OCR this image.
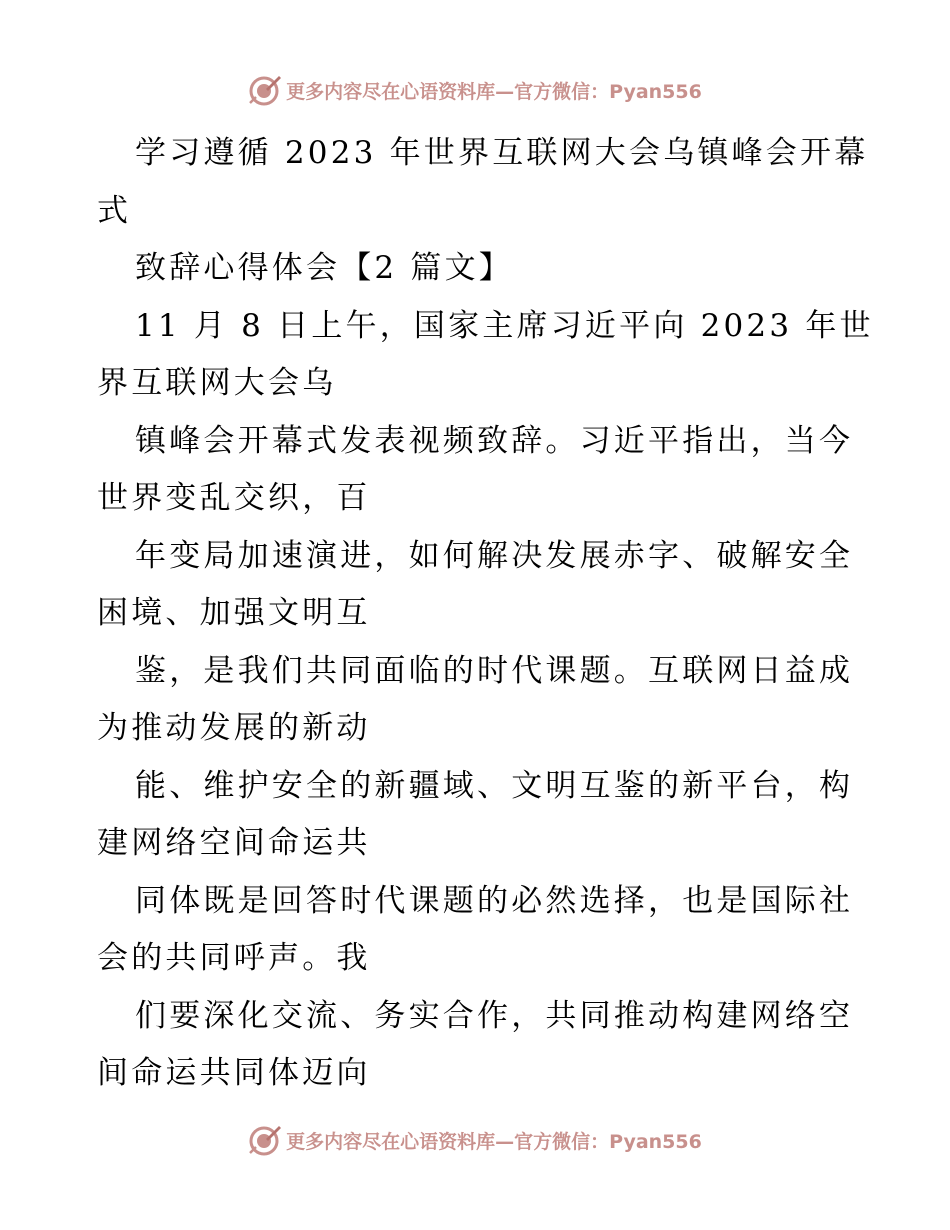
更多内容尽在心语资料库—官方微信：Pyan556
学习遵循 2023 年世界互联网大会乌镇峰会开幕
式
致辞心得体会【2 篇文】
11 月 8 日上午，国家主席习近平向 2023 年世
界互联网大会乌
镇峰会开幕式发表视频致辞。习近平指出，当今
世界变乱交织，百
年变局加速演进，如何解决发展赤字、破解安全
困境、加强文明互
鉴，是我们共同面临的时代课题。互联网日益成
为推动发展的新动
能、维护安全的新疆域、文明互鉴的新平台，构
建网络空间命运共
同体既是回答时代课题的必然选择，也是国际社
会的共同呼声。我
们要深化交流、务实合作，共同推动构建网络空
间命运共同体迈向
更多内容尽在心语资料库—官方微信：Pyan556
